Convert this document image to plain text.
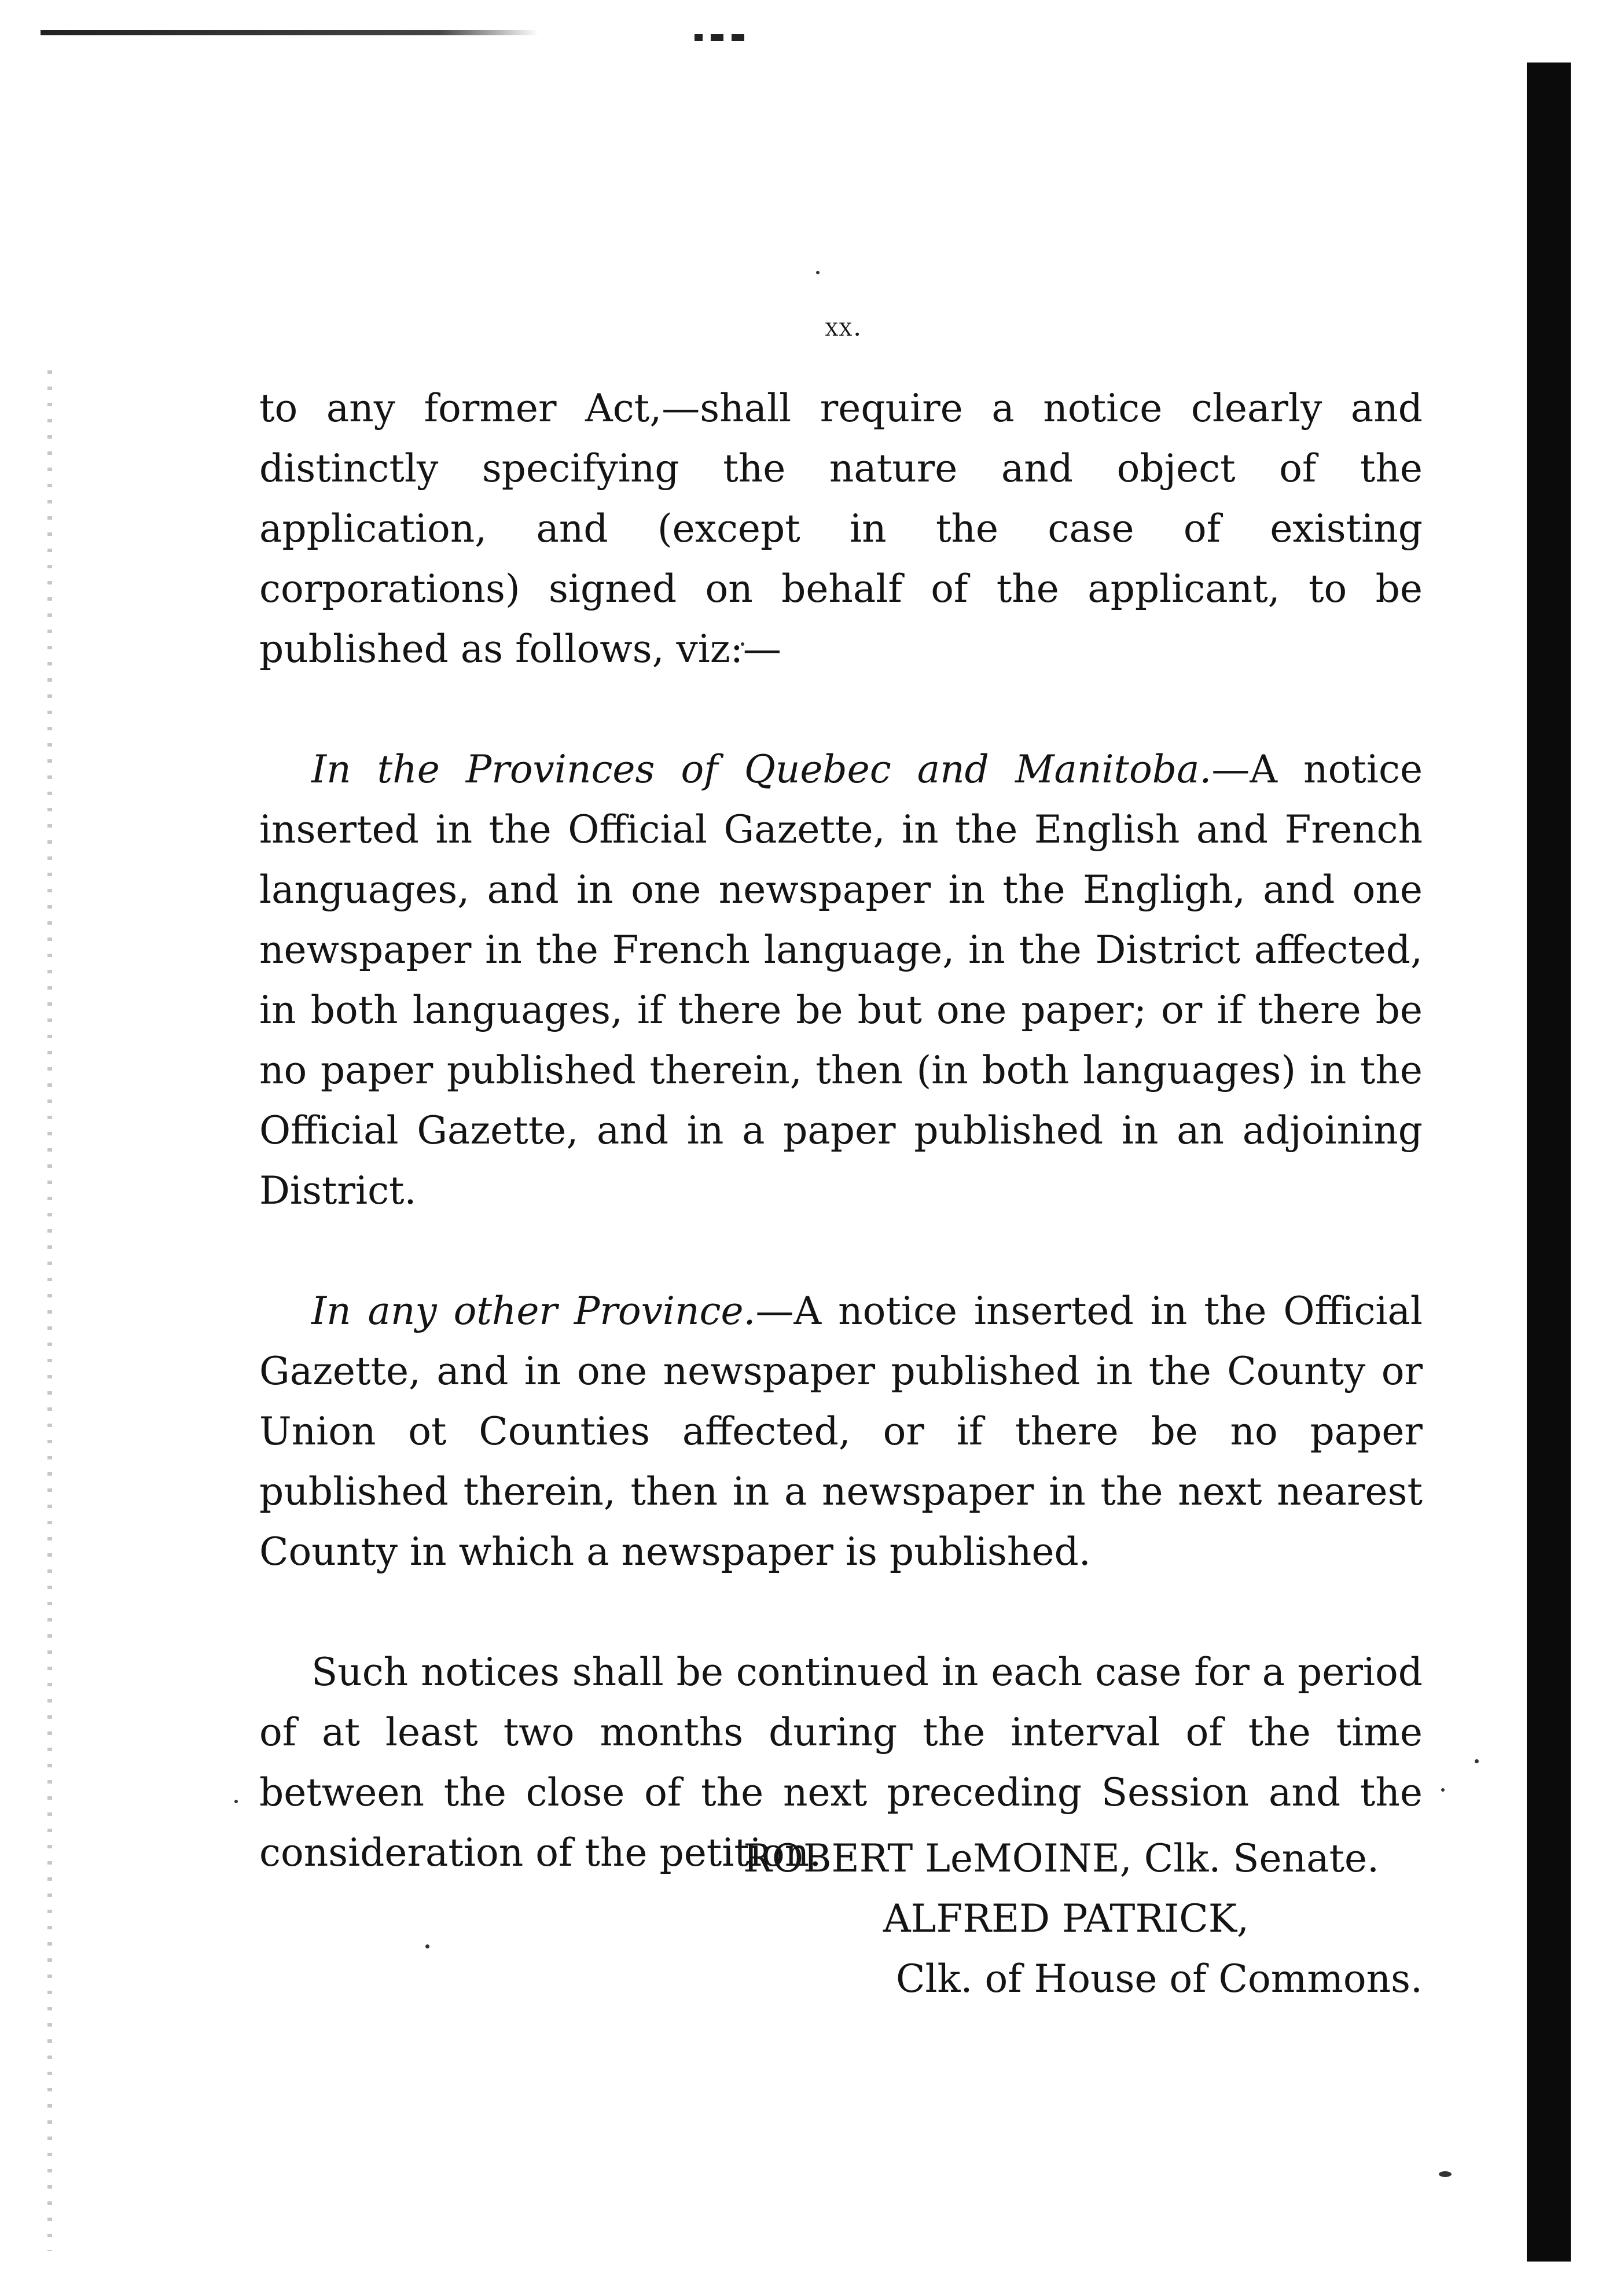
xx.

to any former Act,—shall require a notice clearly and distinctly specifying the nature and object of the application, and (except in the case of existing corporations) signed on behalf of the applicant, to be published as follows, viz:—

In the Provinces of Quebec and Manitoba.—A notice inserted in the Official Gazette, in the English and French languages, and in one newspaper in the Engligh, and one newspaper in the French language, in the District affected, in both languages, if there be but one paper; or if there be no paper published therein, then (in both languages) in the Official Gazette, and in a paper published in an adjoining District.

In any other Province.—A notice inserted in the Official Gazette, and in one newspaper published in the County or Union ot Counties affected, or if there be no paper published therein, then in a newspaper in the next nearest County in which a newspaper is published.

Such notices shall be continued in each case for a period of at least two months during the interval of the time between the close of the next preceding Session and the consideration of the petition.

ROBERT LeMOINE, Clk. Senate.
ALFRED PATRICK,
Clk. of House of Commons.
